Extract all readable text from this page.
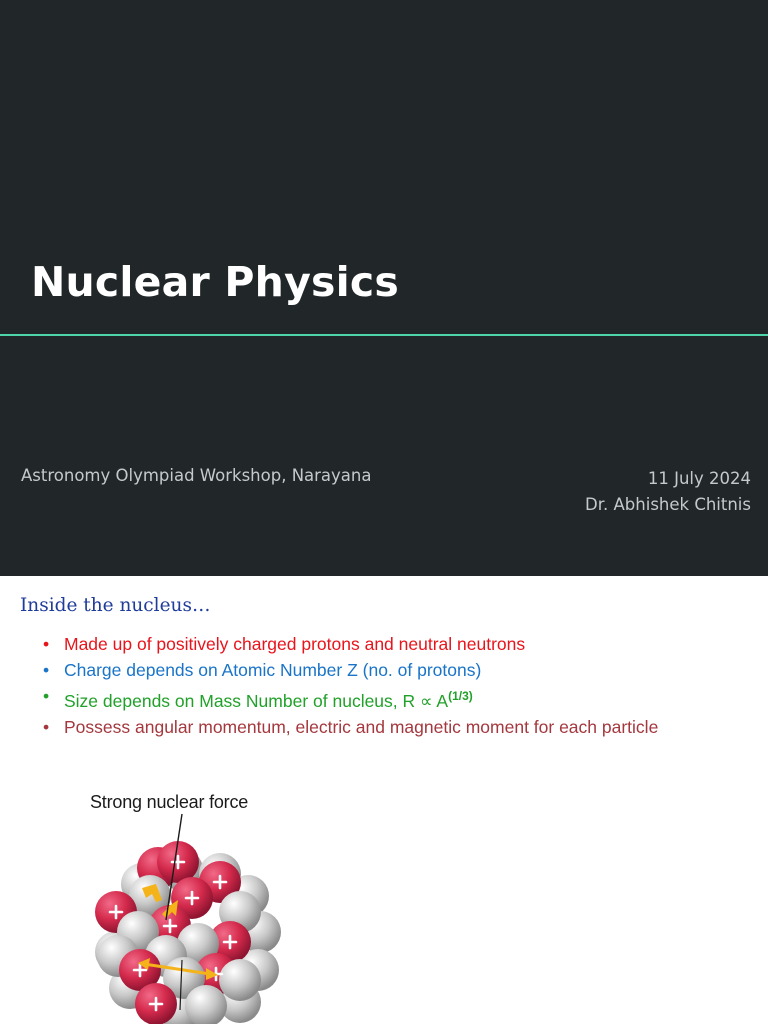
Nuclear Physics
Astronomy Olympiad Workshop, Narayana	11 July 2024
Dr. Abhishek Chitnis
Inside the nucleus…
• Made up of positively charged protons and neutral neutrons
• Charge depends on Atomic Number Z (no. of protons)
• Size depends on Mass Number of nucleus, $R \propto A^{(1/3)}$
• Possess angular momentum, electric and magnetic moment for each particle
Strong nuclear force
